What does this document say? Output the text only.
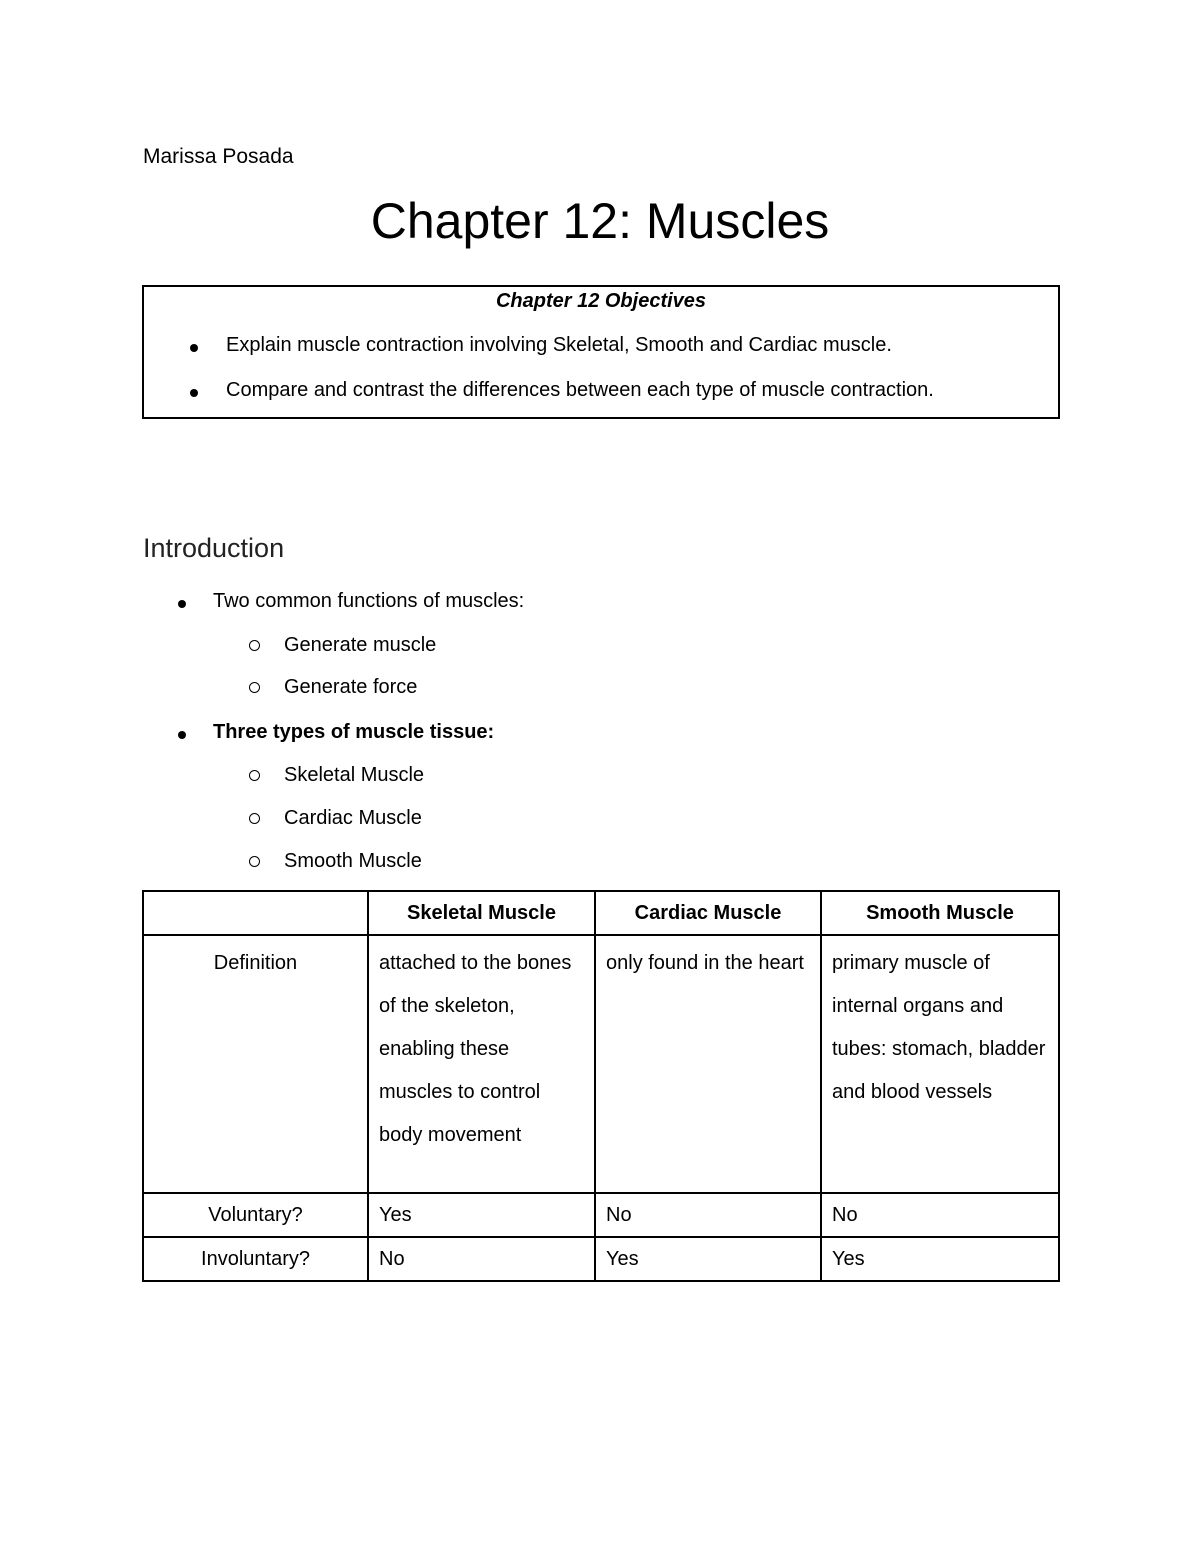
Marissa Posada
Chapter 12: Muscles
Chapter 12 Objectives
Explain muscle contraction involving Skeletal, Smooth and Cardiac muscle.
Compare and contrast the differences between each type of muscle contraction.
Introduction
Two common functions of muscles:
Generate muscle
Generate force
Three types of muscle tissue:
Skeletal Muscle
Cardiac Muscle
Smooth Muscle
	Skeletal Muscle	Cardiac Muscle	Smooth Muscle
Definition	attached to the bones of the skeleton, enabling these muscles to control body movement	only found in the heart	primary muscle of internal organs and tubes: stomach, bladder and blood vessels
Voluntary?	Yes	No	No
Involuntary?	No	Yes	Yes
